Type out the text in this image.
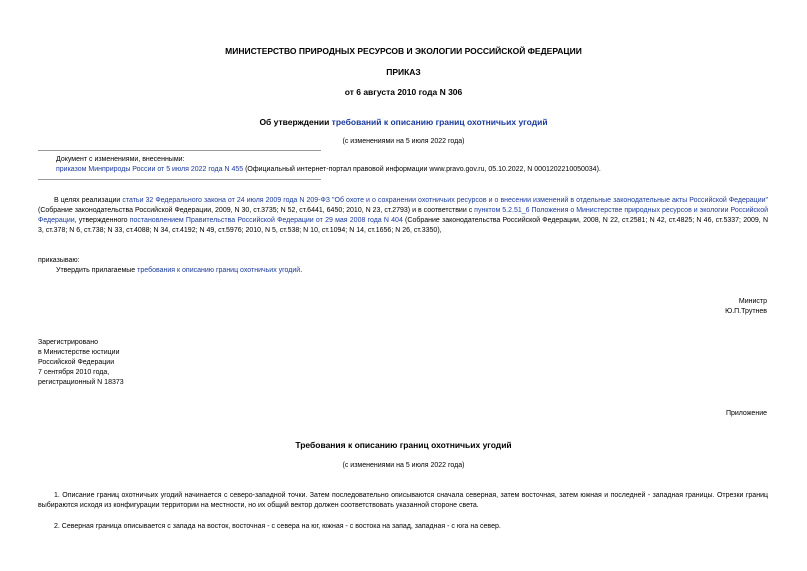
МИНИСТЕРСТВО ПРИРОДНЫХ РЕСУРСОВ И ЭКОЛОГИИ РОССИЙСКОЙ ФЕДЕРАЦИИ
ПРИКАЗ
от 6 августа 2010 года N 306
Об утверждении требований к описанию границ охотничьих угодий
(с изменениями на 5 июля 2022 года)
Документ с изменениями, внесенными:
приказом Минприроды России от 5 июля 2022 года N 455 (Официальный интернет-портал правовой информации www.pravo.gov.ru, 05.10.2022, N 0001202210050034).
В целях реализации статьи 32 Федерального закона от 24 июля 2009 года N 209-ФЗ "Об охоте и о сохранении охотничьих ресурсов и о внесении изменений в отдельные законодательные акты Российской Федерации" (Собрание законодательства Российской Федерации, 2009, N 30, ст.3735; N 52, ст.6441, 6450; 2010, N 23, ст.2793) и в соответствии с пунктом 5.2.51_6 Положения о Министерстве природных ресурсов и экологии Российской Федерации, утвержденного постановлением Правительства Российской Федерации от 29 мая 2008 года N 404 (Собрание законодательства Российской Федерации, 2008, N 22, ст.2581; N 42, ст.4825; N 46, ст.5337; 2009, N 3, ст.378; N 6, ст.738; N 33, ст.4088; N 34, ст.4192; N 49, ст.5976; 2010, N 5, ст.538; N 10, ст.1094; N 14, ст.1656; N 26, ст.3350),
приказываю:
Утвердить прилагаемые требования к описанию границ охотничьих угодий.
Министр
Ю.П.Трутнев
Зарегистрировано
в Министерстве юстиции
Российской Федерации
7 сентября 2010 года,
регистрационный N 18373
Приложение
Требования к описанию границ охотничьих угодий
(с изменениями на 5 июля 2022 года)
1. Описание границ охотничьих угодий начинается с северо-западной точки. Затем последовательно описываются сначала северная, затем восточная, затем южная и последней - западная границы. Отрезки границ выбираются исходя из конфигурации территории на местности, но их общий вектор должен соответствовать указанной стороне света.
2. Северная граница описывается с запада на восток, восточная - с севера на юг, южная - с востока на запад, западная - с юга на север.
